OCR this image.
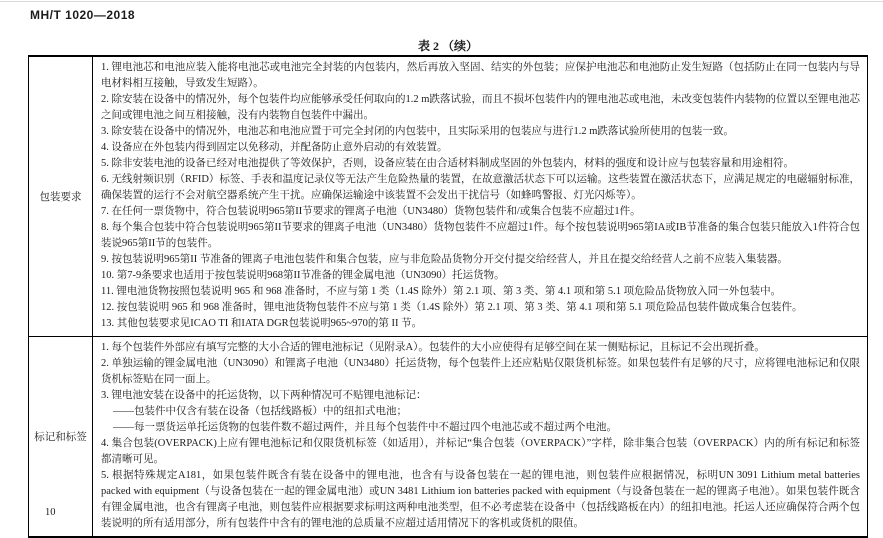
MH/T 1020—2018
表 2 （续）
包装要求

1. 锂电池芯和电池应装入能将电池芯或电池完全封装的内包装内，然后再放入坚固、结实的外包装；应保护电池芯和电池防止发生短路（包括防止在同一包装内与导电材料相互接触，导致发生短路）。

2. 除安装在设备中的情况外，每个包装件均应能够承受任何取向的1.2 m跌落试验，而且不损坏包装件内的锂电池芯或电池，未改变包装件内装物的位置以至锂电池芯之间或锂电池之间互相接触，没有内装物自包装件中漏出。

3. 除安装在设备中的情况外，电池芯和电池应置于可完全封闭的内包装中，且实际采用的包装应与进行1.2 m跌落试验所使用的包装一致。

4. 设备应在外包装内得到固定以免移动，并配备防止意外启动的有效装置。

5. 除非安装电池的设备已经对电池提供了等效保护，否则，设备应装在由合适材料制成坚固的外包装内，材料的强度和设计应与包装容量和用途相符。

6. 无线射频识别（RFID）标签、手表和温度记录仪等无法产生危险热量的装置，在故意激活状态下可以运输。这些装置在激活状态下，应满足规定的电磁辐射标准，确保装置的运行不会对航空器系统产生干扰。应确保运输途中该装置不会发出干扰信号（如蜂鸣警报、灯光闪烁等）。

7. 在任何一票货物中，符合包装说明965第II节要求的锂离子电池（UN3480）货物包装件和/或集合包装不应超过1件。

8. 每个集合包装中符合包装说明965第II节要求的锂离子电池（UN3480）货物包装件不应超过1件。每个按包装说明965第IA或IB节准备的集合包装只能放入1件符合包装说965第II节的包装件。

9. 按包装说明965第II 节准备的锂离子电池包装件和集合包装，应与非危险品货物分开交付提交给经营人，并且在提交给经营人之前不应装入集装器。

10. 第7-9条要求也适用于按包装说明968第II节准备的锂金属电池（UN3090）托运货物。

11. 锂电池货物按照包装说明 965 和 968 准备时，不应与第 1 类（1.4S 除外）第 2.1 项、第 3 类、第 4.1 项和第 5.1 项危险品货物放入同一外包装中。

12. 按包装说明 965 和 968 准备时，锂电池货物包装件不应与第 1 类（1.4S 除外）第 2.1 项、第 3 类、第 4.1 项和第 5.1 项危险品包装件做成集合包装件。

13. 其他包装要求见ICAO TI 和IATA DGR包装说明965~970的第 II 节。

标记和标签

1. 每个包装件外部应有填写完整的大小合适的锂电池标记（见附录A）。包装件的大小应使得有足够空间在某一侧贴标记，且标记不会出现折叠。

2. 单独运输的锂金属电池（UN3090）和锂离子电池（UN3480）托运货物，每个包装件上还应粘贴仅限货机标签。如果包装件有足够的尺寸，应将锂电池标记和仅限货机标签贴在同一面上。

3. 锂电池安装在设备中的托运货物，以下两种情况可不贴锂电池标记：

——包装件中仅含有装在设备（包括线路板）中的纽扣式电池；

——每一票货运单托运货物的包装件数不超过两件，并且每个包装件中不超过四个电池芯或不超过两个电池。

4. 集合包装(OVERPACK)上应有锂电池标记和仅限货机标签（如适用），并标记“集合包装（OVERPACK）”字样，除非集合包装（OVERPACK）内的所有标记和标签都清晰可见。

5. 根据特殊规定A181，如果包装件既含有装在设备中的锂电池，也含有与设备包装在一起的锂电池，则包装件应根据情况，标明UN 3091 Lithium metal batteries packed with equipment（与设备包装在一起的锂金属电池）或UN 3481 Lithium ion batteries packed with equipment（与设备包装在一起的锂离子电池）。如果包装件既含有锂金属电池，也含有锂离子电池，则包装件应根据要求标明这两种电池类型，但不必考虑装在设备中（包括线路板在内）的纽扣电池。托运人还应确保符合两个包装说明的所有适用部分，所有包装件中含有的锂电池的总质量不应超过适用情况下的客机或货机的限值。

10
